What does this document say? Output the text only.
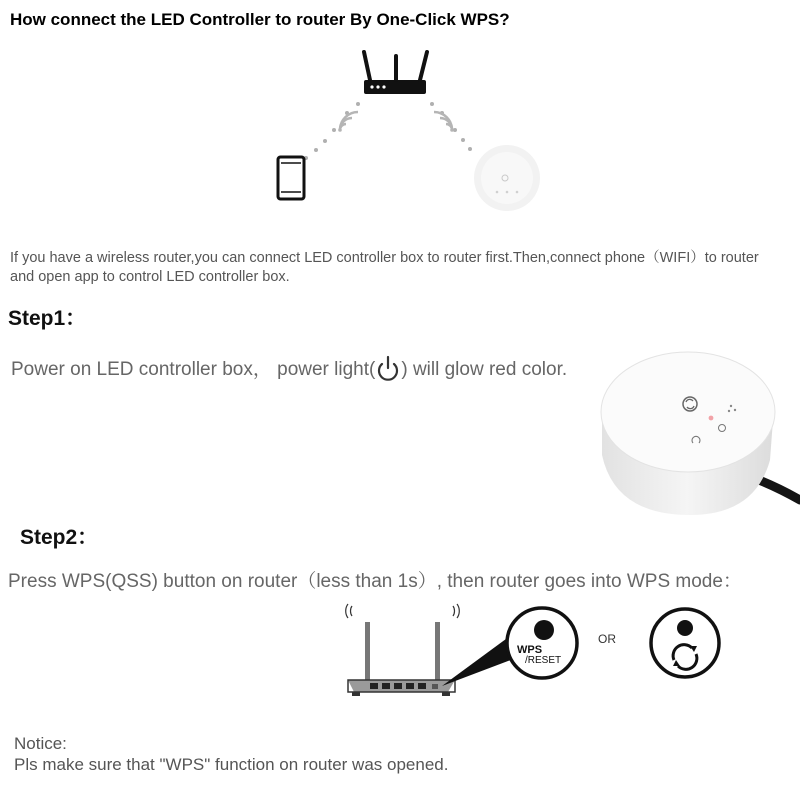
How connect the LED Controller to router By One-Click WPS?
If you have a wireless router,you can connect LED controller box to router first.Then,connect phone（WIFI）to router
and open app to control LED controller box.
Step1：
Power on LED controller box， power light( ) will glow red color.
Step2：
Press WPS(QSS) button on router（less than 1s）, then router goes into WPS mode：
WPS
/RESET
OR
Notice:
Pls make sure that "WPS" function on router was opened.
